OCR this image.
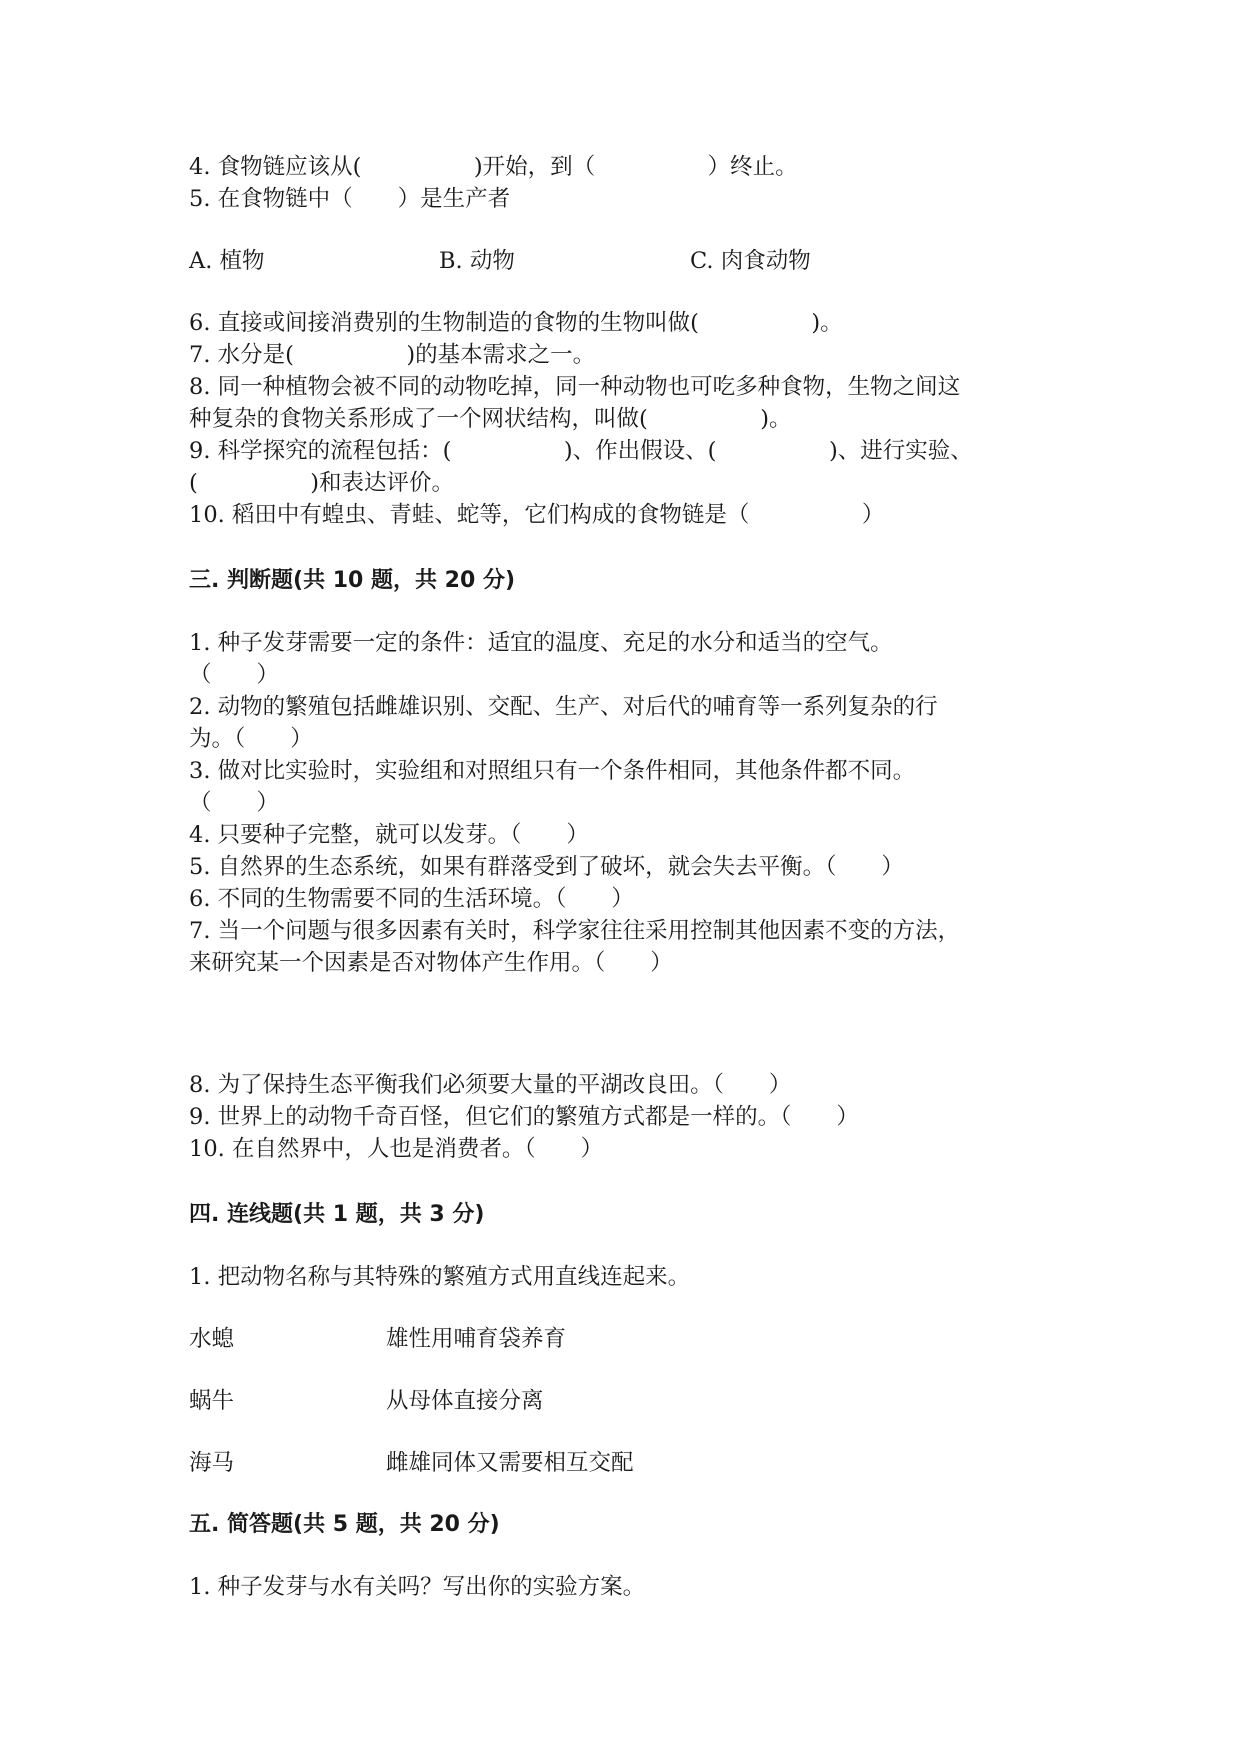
4. 食物链应该从(　　　　　)开始，到（　　　　　）终止。
5. 在食物链中（　　）是生产者
A. 植物	B. 动物	C. 肉食动物
6. 直接或间接消费别的生物制造的食物的生物叫做(　　　　　)。
7. 水分是(　　　　　)的基本需求之一。
8. 同一种植物会被不同的动物吃掉，同一种动物也可吃多种食物，生物之间这
种复杂的食物关系形成了一个网状结构，叫做(　　　　　)。
9. 科学探究的流程包括：(　　　　　)、作出假设、(　　　　　)、进行实验、
(　　　　　)和表达评价。
10. 稻田中有蝗虫、青蛙、蛇等，它们构成的食物链是（　　　　　）
三. 判断题(共 10 题，共 20 分)
1. 种子发芽需要一定的条件：适宜的温度、充足的水分和适当的空气。
（　　）
2. 动物的繁殖包括雌雄识别、交配、生产、对后代的哺育等一系列复杂的行
为。（　　）
3. 做对比实验时，实验组和对照组只有一个条件相同，其他条件都不同。
（　　）
4. 只要种子完整，就可以发芽。（　　）
5. 自然界的生态系统，如果有群落受到了破坏，就会失去平衡。（　　）
6. 不同的生物需要不同的生活环境。（　　）
7. 当一个问题与很多因素有关时，科学家往往采用控制其他因素不变的方法，
来研究某一个因素是否对物体产生作用。（　　）
8. 为了保持生态平衡我们必须要大量的平湖改良田。（　　）
9. 世界上的动物千奇百怪，但它们的繁殖方式都是一样的。（　　）
10. 在自然界中，人也是消费者。（　　）
四. 连线题(共 1 题，共 3 分)
1. 把动物名称与其特殊的繁殖方式用直线连起来。
水螅	雄性用哺育袋养育
蜗牛	从母体直接分离
海马	雌雄同体又需要相互交配
五. 简答题(共 5 题，共 20 分)
1. 种子发芽与水有关吗？写出你的实验方案。
